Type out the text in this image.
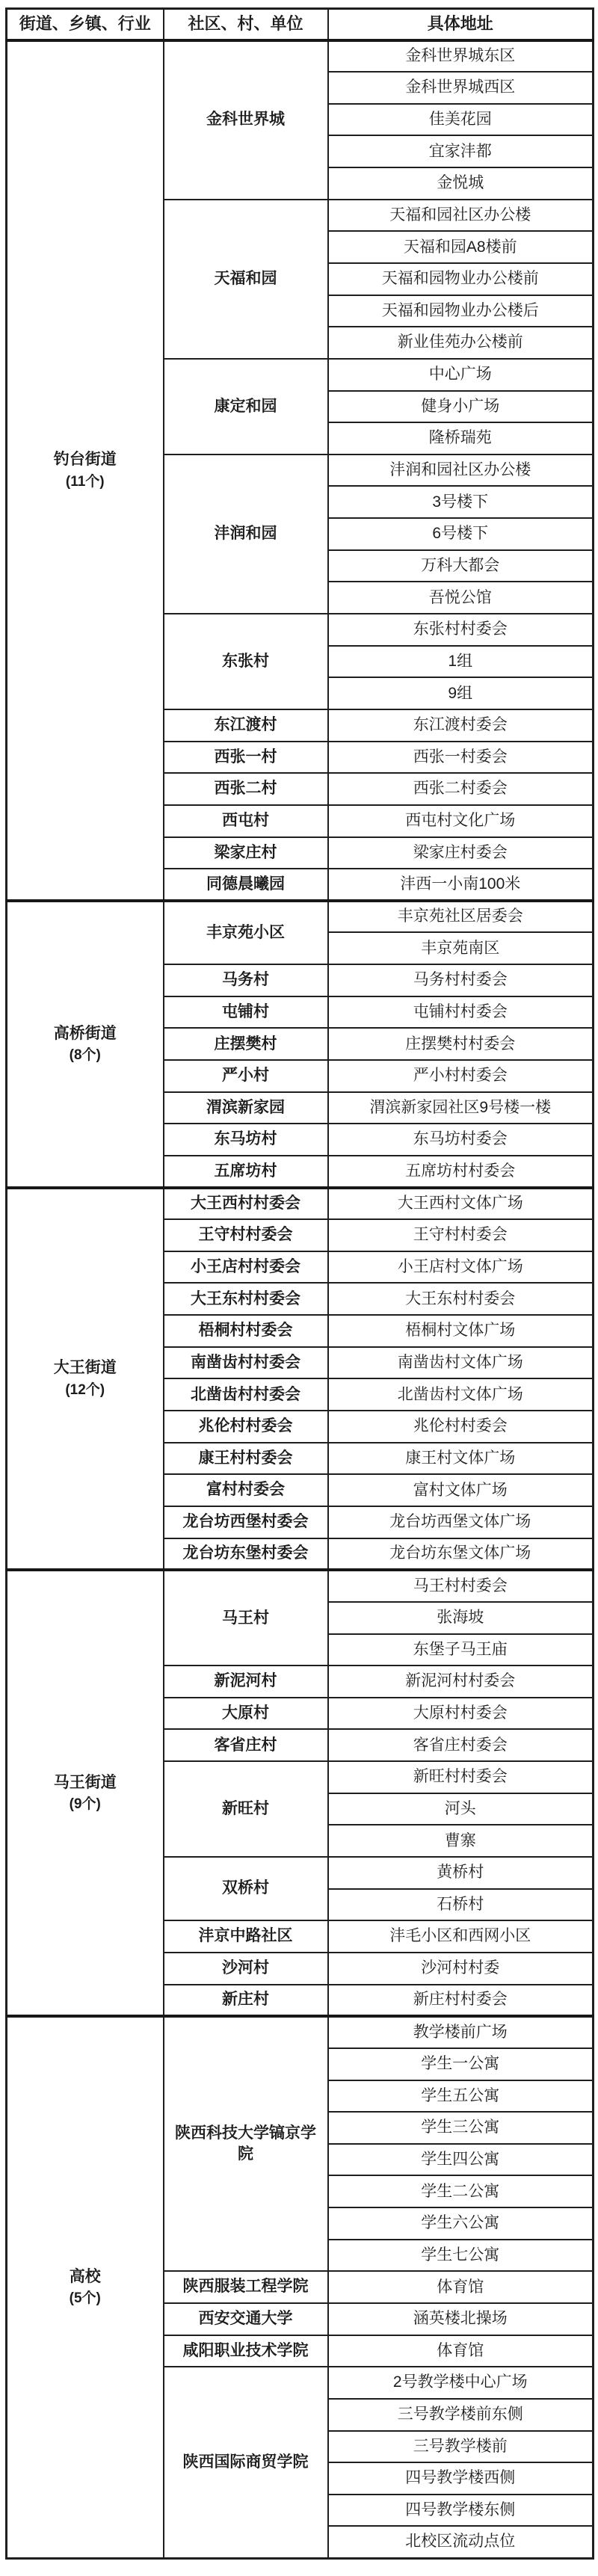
街道、乡镇、行业	社区、村、单位	具体地址

钓台街道
(11个)	金科世界城	金科世界城东区
		金科世界城西区
		佳美花园
		宜家沣都
		金悦城
	天福和园	天福和园社区办公楼
		天福和园A8楼前
		天福和园物业办公楼前
		天福和园物业办公楼后
		新业佳苑办公楼前
	康定和园	中心广场
		健身小广场
		隆桥瑞苑
	沣润和园	沣润和园社区办公楼
		3号楼下
		6号楼下
		万科大都会
		吾悦公馆
	东张村	东张村村委会
		1组
		9组
	东江渡村	东江渡村委会
	西张一村	西张一村委会
	西张二村	西张二村委会
	西屯村	西屯村文化广场
	梁家庄村	梁家庄村委会
	同德晨曦园	沣西一小南100米

高桥街道
(8个)	丰京苑小区	丰京苑社区居委会
		丰京苑南区
	马务村	马务村村委会
	屯铺村	屯铺村村委会
	庄摆樊村	庄摆樊村村委会
	严小村	严小村村委会
	渭滨新家园	渭滨新家园社区9号楼一楼
	东马坊村	东马坊村委会
	五席坊村	五席坊村村委会

大王街道
(12个)	大王西村村委会	大王西村文体广场
	王守村村委会	王守村村委会
	小王店村村委会	小王店村文体广场
	大王东村村委会	大王东村村委会
	梧桐村村委会	梧桐村文体广场
	南凿齿村村委会	南凿齿村文体广场
	北凿齿村村委会	北凿齿村文体广场
	兆伦村村委会	兆伦村村委会
	康王村村委会	康王村文体广场
	富村村委会	富村文体广场
	龙台坊西堡村委会	龙台坊西堡文体广场
	龙台坊东堡村委会	龙台坊东堡文体广场

马王街道
(9个)	马王村	马王村村委会
		张海坡
		东堡子马王庙
	新泥河村	新泥河村村委会
	大原村	大原村村委会
	客省庄村	客省庄村委会
	新旺村	新旺村村委会
		河头
		曹寨
	双桥村	黄桥村
		石桥村
	沣京中路社区	沣毛小区和西网小区
	沙河村	沙河村村委
	新庄村	新庄村村委会

高校
(5个)	陕西科技大学镐京学院	教学楼前广场
		学生一公寓
		学生五公寓
		学生三公寓
		学生四公寓
		学生二公寓
		学生六公寓
		学生七公寓
	陕西服装工程学院	体育馆
	西安交通大学	涵英楼北操场
	咸阳职业技术学院	体育馆
	陕西国际商贸学院	2号教学楼中心广场
		三号教学楼前东侧
		三号教学楼前
		四号教学楼西侧
		四号教学楼东侧
		北校区流动点位
